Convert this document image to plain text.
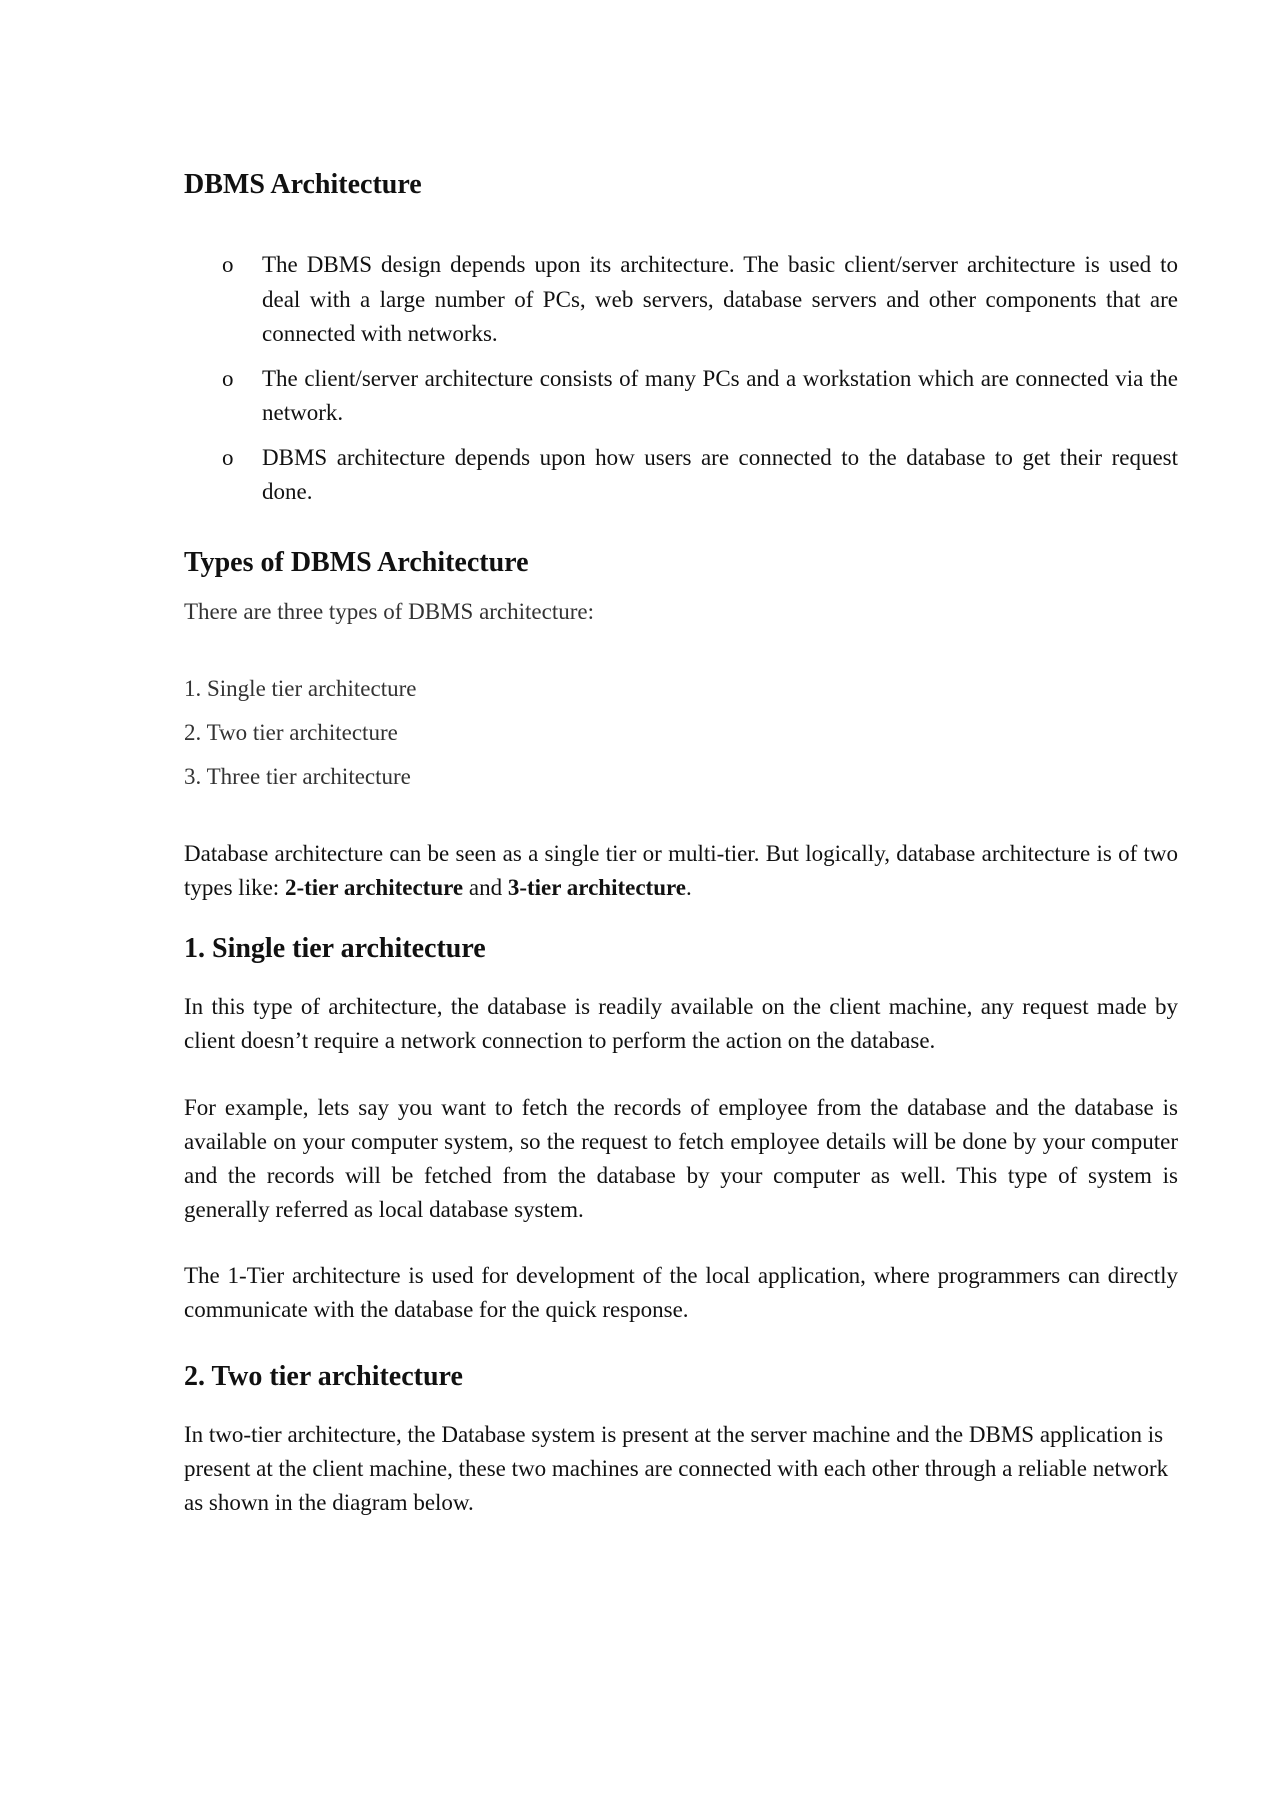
DBMS Architecture
o	The DBMS design depends upon its architecture. The basic client/server architecture is used to deal with a large number of PCs, web servers, database servers and other components that are connected with networks.
o	The client/server architecture consists of many PCs and a workstation which are connected via the network.
o	DBMS architecture depends upon how users are connected to the database to get their request done.
Types of DBMS Architecture

There are three types of DBMS architecture:

1. Single tier architecture
2. Two tier architecture
3. Three tier architecture

Database architecture can be seen as a single tier or multi-tier. But logically, database architecture is of two types like: 2-tier architecture and 3-tier architecture.

1. Single tier architecture

In this type of architecture, the database is readily available on the client machine, any request made by client doesn’t require a network connection to perform the action on the database.

For example, lets say you want to fetch the records of employee from the database and the database is available on your computer system, so the request to fetch employee details will be done by your computer and the records will be fetched from the database by your computer as well. This type of system is generally referred as local database system.

The 1-Tier architecture is used for development of the local application, where programmers can directly communicate with the database for the quick response.

2. Two tier architecture

In two-tier architecture, the Database system is present at the server machine and the DBMS application is present at the client machine, these two machines are connected with each other through a reliable network as shown in the diagram below.
